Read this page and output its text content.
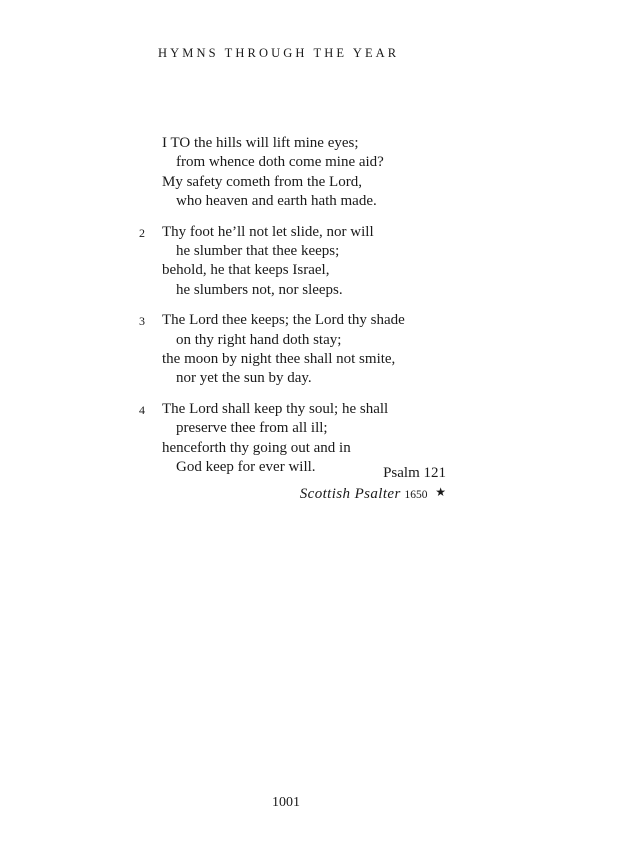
HYMNS THROUGH THE YEAR
I TO the hills will lift mine eyes;
from whence doth come mine aid?
My safety cometh from the Lord,
who heaven and earth hath made.
2	Thy foot he’ll not let slide, nor will
he slumber that thee keeps;
behold, he that keeps Israel,
he slumbers not, nor sleeps.
3	The Lord thee keeps; the Lord thy shade
on thy right hand doth stay;
the moon by night thee shall not smite,
nor yet the sun by day.
4	The Lord shall keep thy soul; he shall
preserve thee from all ill;
henceforth thy going out and in
God keep for ever will.	Psalm 121
Scottish Psalter 1650 ★
1001
